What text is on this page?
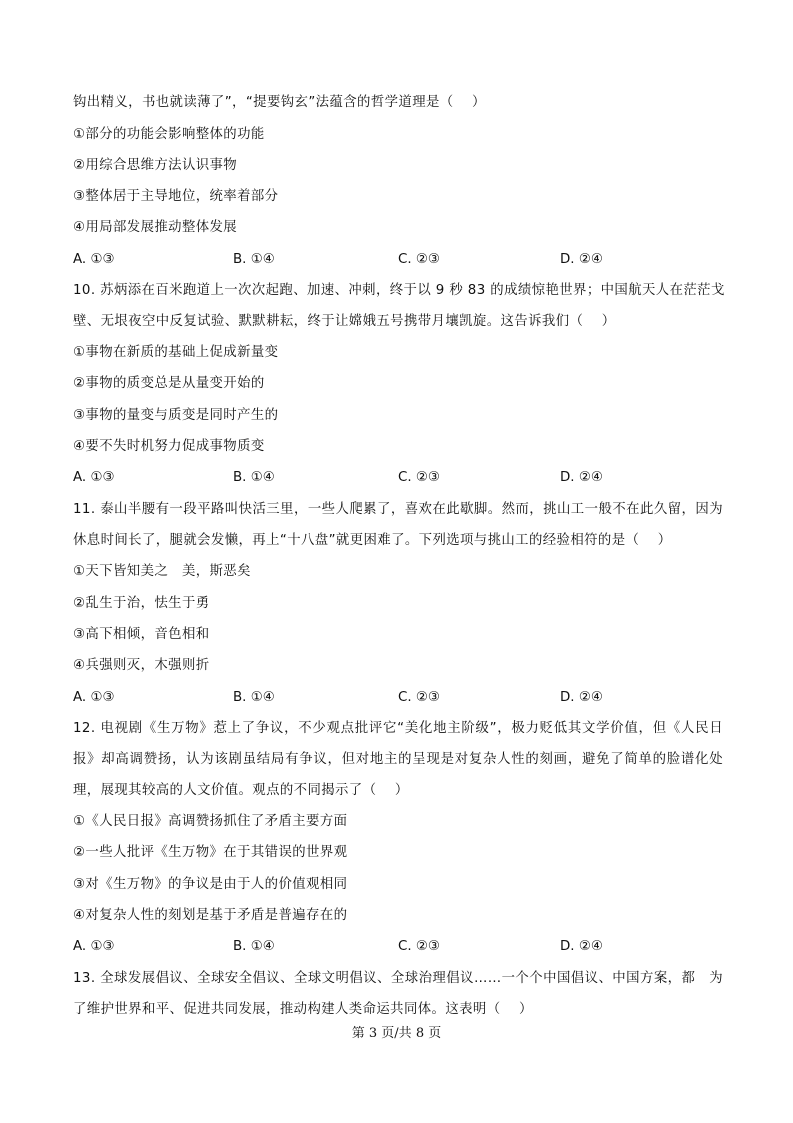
钩出精义，书也就读薄了”，“提要钩玄”法蕴含的哲学道理是（　 ）
①部分的功能会影响整体的功能
②用综合思维方法认识事物
③整体居于主导地位，统率着部分
④用局部发展推动整体发展
A. ①③	B. ①④	C. ②③	D. ②④
10. 苏炳添在百米跑道上一次次起跑、加速、冲刺，终于以 9 秒 83 的成绩惊艳世界；中国航天人在茫茫戈
壁、无垠夜空中反复试验、默默耕耘，终于让嫦娥五号携带月壤凯旋。这告诉我们（　 ）
①事物在新质的基础上促成新量变
②事物的质变总是从量变开始的
③事物的量变与质变是同时产生的
④要不失时机努力促成事物质变
A. ①③	B. ①④	C. ②③	D. ②④
11. 泰山半腰有一段平路叫快活三里，一些人爬累了，喜欢在此歇脚。然而，挑山工一般不在此久留，因为
休息时间长了，腿就会发懒，再上“十八盘”就更困难了。下列选项与挑山工的经验相符的是（　 ）
①天下皆知美之　美，斯恶矣
②乱生于治，怯生于勇
③高下相倾，音色相和
④兵强则灭，木强则折
A. ①③	B. ①④	C. ②③	D. ②④
12. 电视剧《生万物》惹上了争议，不少观点批评它“美化地主阶级”，极力贬低其文学价值，但《人民日
报》却高调赞扬，认为该剧虽结局有争议，但对地主的呈现是对复杂人性的刻画，避免了简单的脸谱化处
理，展现其较高的人文价值。观点的不同揭示了（　 ）
①《人民日报》高调赞扬抓住了矛盾主要方面
②一些人批评《生万物》在于其错误的世界观
③对《生万物》的争议是由于人的价值观相同
④对复杂人性的刻划是基于矛盾是普遍存在的
A. ①③	B. ①④	C. ②③	D. ②④
13. 全球发展倡议、全球安全倡议、全球文明倡议、全球治理倡议……一个个中国倡议、中国方案，都　为
了维护世界和平、促进共同发展，推动构建人类命运共同体。这表明（　 ）
第 3 页/共 8 页
